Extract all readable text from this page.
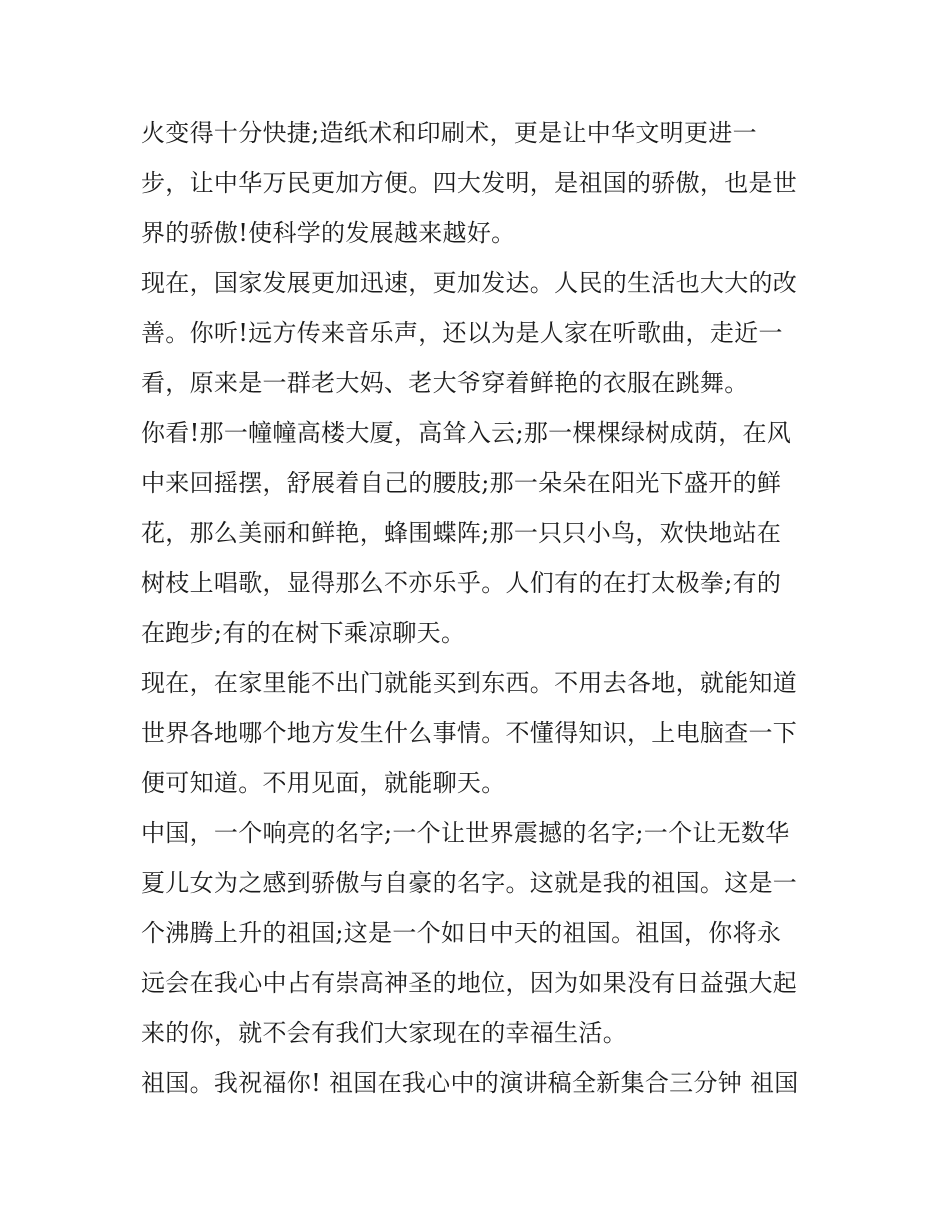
火变得十分快捷;造纸术和印刷术，更是让中华文明更进一
步，让中华万民更加方便。四大发明，是祖国的骄傲，也是世
界的骄傲!使科学的发展越来越好。
现在，国家发展更加迅速，更加发达。人民的生活也大大的改
善。你听!远方传来音乐声，还以为是人家在听歌曲，走近一
看，原来是一群老大妈、老大爷穿着鲜艳的衣服在跳舞。
你看!那一幢幢高楼大厦，高耸入云;那一棵棵绿树成荫，在风
中来回摇摆，舒展着自己的腰肢;那一朵朵在阳光下盛开的鲜
花，那么美丽和鲜艳，蜂围蝶阵;那一只只小鸟，欢快地站在
树枝上唱歌，显得那么不亦乐乎。人们有的在打太极拳;有的
在跑步;有的在树下乘凉聊天。
现在，在家里能不出门就能买到东西。不用去各地，就能知道
世界各地哪个地方发生什么事情。不懂得知识，上电脑查一下
便可知道。不用见面，就能聊天。
中国，一个响亮的名字;一个让世界震撼的名字;一个让无数华
夏儿女为之感到骄傲与自豪的名字。这就是我的祖国。这是一
个沸腾上升的祖国;这是一个如日中天的祖国。祖国，你将永
远会在我心中占有崇高神圣的地位，因为如果没有日益强大起
来的你，就不会有我们大家现在的幸福生活。
祖国。我祝福你! 祖国在我心中的演讲稿全新集合三分钟 祖国
